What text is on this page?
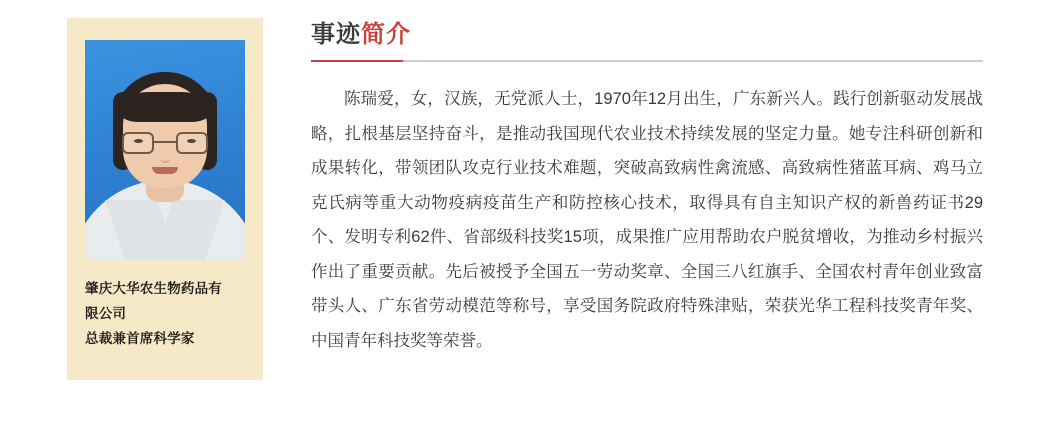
肇庆大华农生物药品有
限公司
总裁兼首席科学家
事迹简介

陈瑞爱，女，汉族，无党派人士，1970年12月出生，广东新兴人。践行创新驱动发展战略，扎根基层坚持奋斗，是推动我国现代农业技术持续发展的坚定力量。她专注科研创新和成果转化，带领团队攻克行业技术难题，突破高致病性禽流感、高致病性猪蓝耳病、鸡马立克氏病等重大动物疫病疫苗生产和防控核心技术，取得具有自主知识产权的新兽药证书29个、发明专利62件、省部级科技奖15项，成果推广应用帮助农户脱贫增收，为推动乡村振兴作出了重要贡献。先后被授予全国五一劳动奖章、全国三八红旗手、全国农村青年创业致富带头人、广东省劳动模范等称号，享受国务院政府特殊津贴，荣获光华工程科技奖青年奖、中国青年科技奖等荣誉。
